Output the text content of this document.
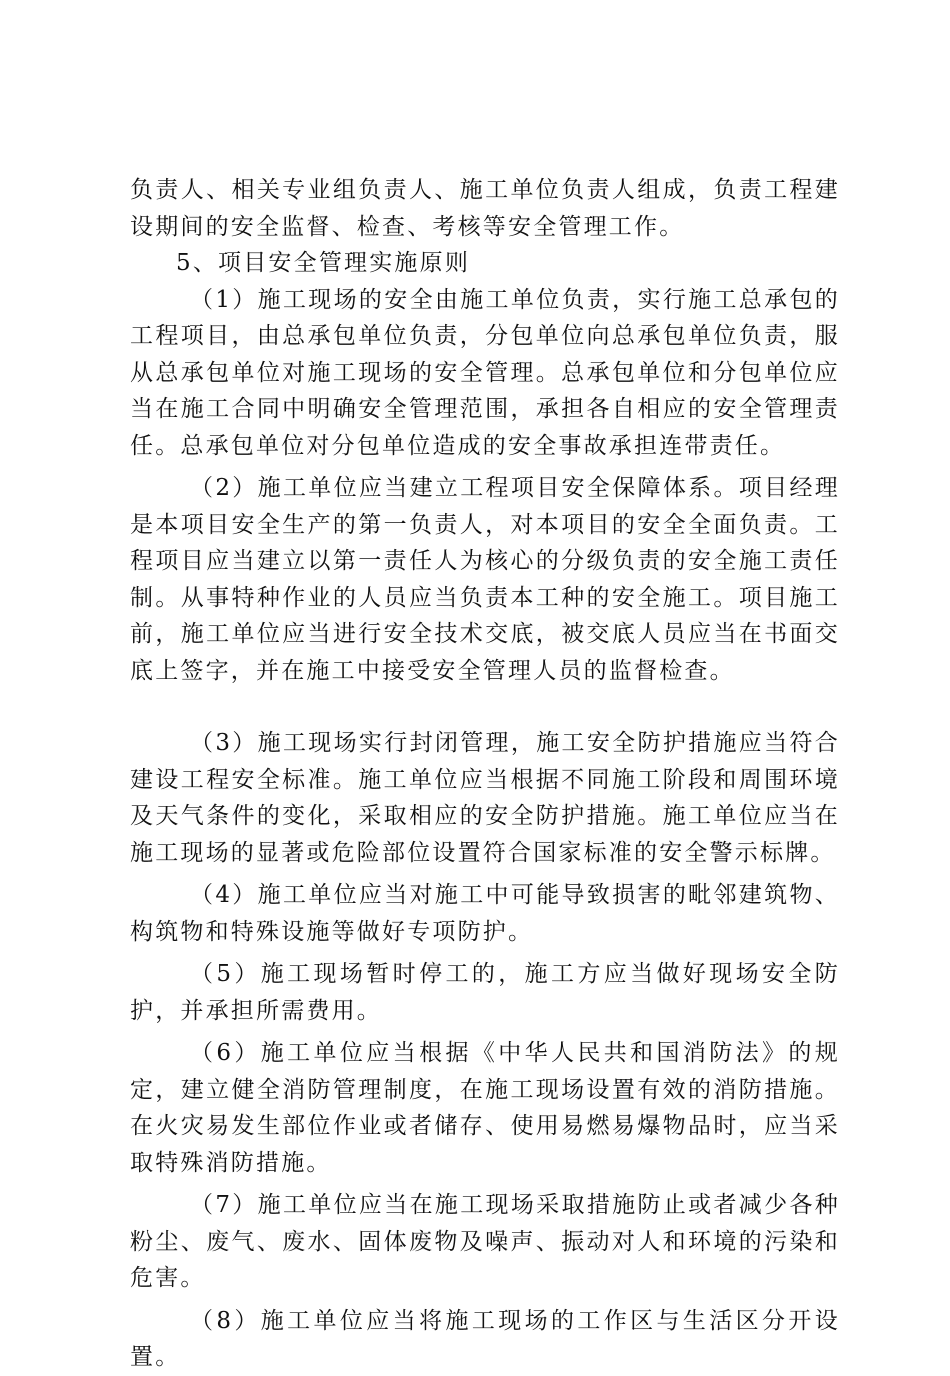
负责人、相关专业组负责人、施工单位负责人组成，负责工程建设期间的安全监督、检查、考核等安全管理工作。

5、项目安全管理实施原则

（1）施工现场的安全由施工单位负责，实行施工总承包的工程项目，由总承包单位负责，分包单位向总承包单位负责，服从总承包单位对施工现场的安全管理。总承包单位和分包单位应当在施工合同中明确安全管理范围，承担各自相应的安全管理责任。总承包单位对分包单位造成的安全事故承担连带责任。

（2）施工单位应当建立工程项目安全保障体系。项目经理是本项目安全生产的第一负责人，对本项目的安全全面负责。工程项目应当建立以第一责任人为核心的分级负责的安全施工责任制。从事特种作业的人员应当负责本工种的安全施工。项目施工前，施工单位应当进行安全技术交底，被交底人员应当在书面交底上签字，并在施工中接受安全管理人员的监督检查。

（3）施工现场实行封闭管理，施工安全防护措施应当符合建设工程安全标准。施工单位应当根据不同施工阶段和周围环境及天气条件的变化，采取相应的安全防护措施。施工单位应当在施工现场的显著或危险部位设置符合国家标准的安全警示标牌。

（4）施工单位应当对施工中可能导致损害的毗邻建筑物、构筑物和特殊设施等做好专项防护。

（5）施工现场暂时停工的，施工方应当做好现场安全防护，并承担所需费用。

（6）施工单位应当根据《中华人民共和国消防法》的规定，建立健全消防管理制度，在施工现场设置有效的消防措施。在火灾易发生部位作业或者储存、使用易燃易爆物品时，应当采取特殊消防措施。

（7）施工单位应当在施工现场采取措施防止或者减少各种粉尘、废气、废水、固体废物及噪声、振动对人和环境的污染和危害。

（8）施工单位应当将施工现场的工作区与生活区分开设置。
